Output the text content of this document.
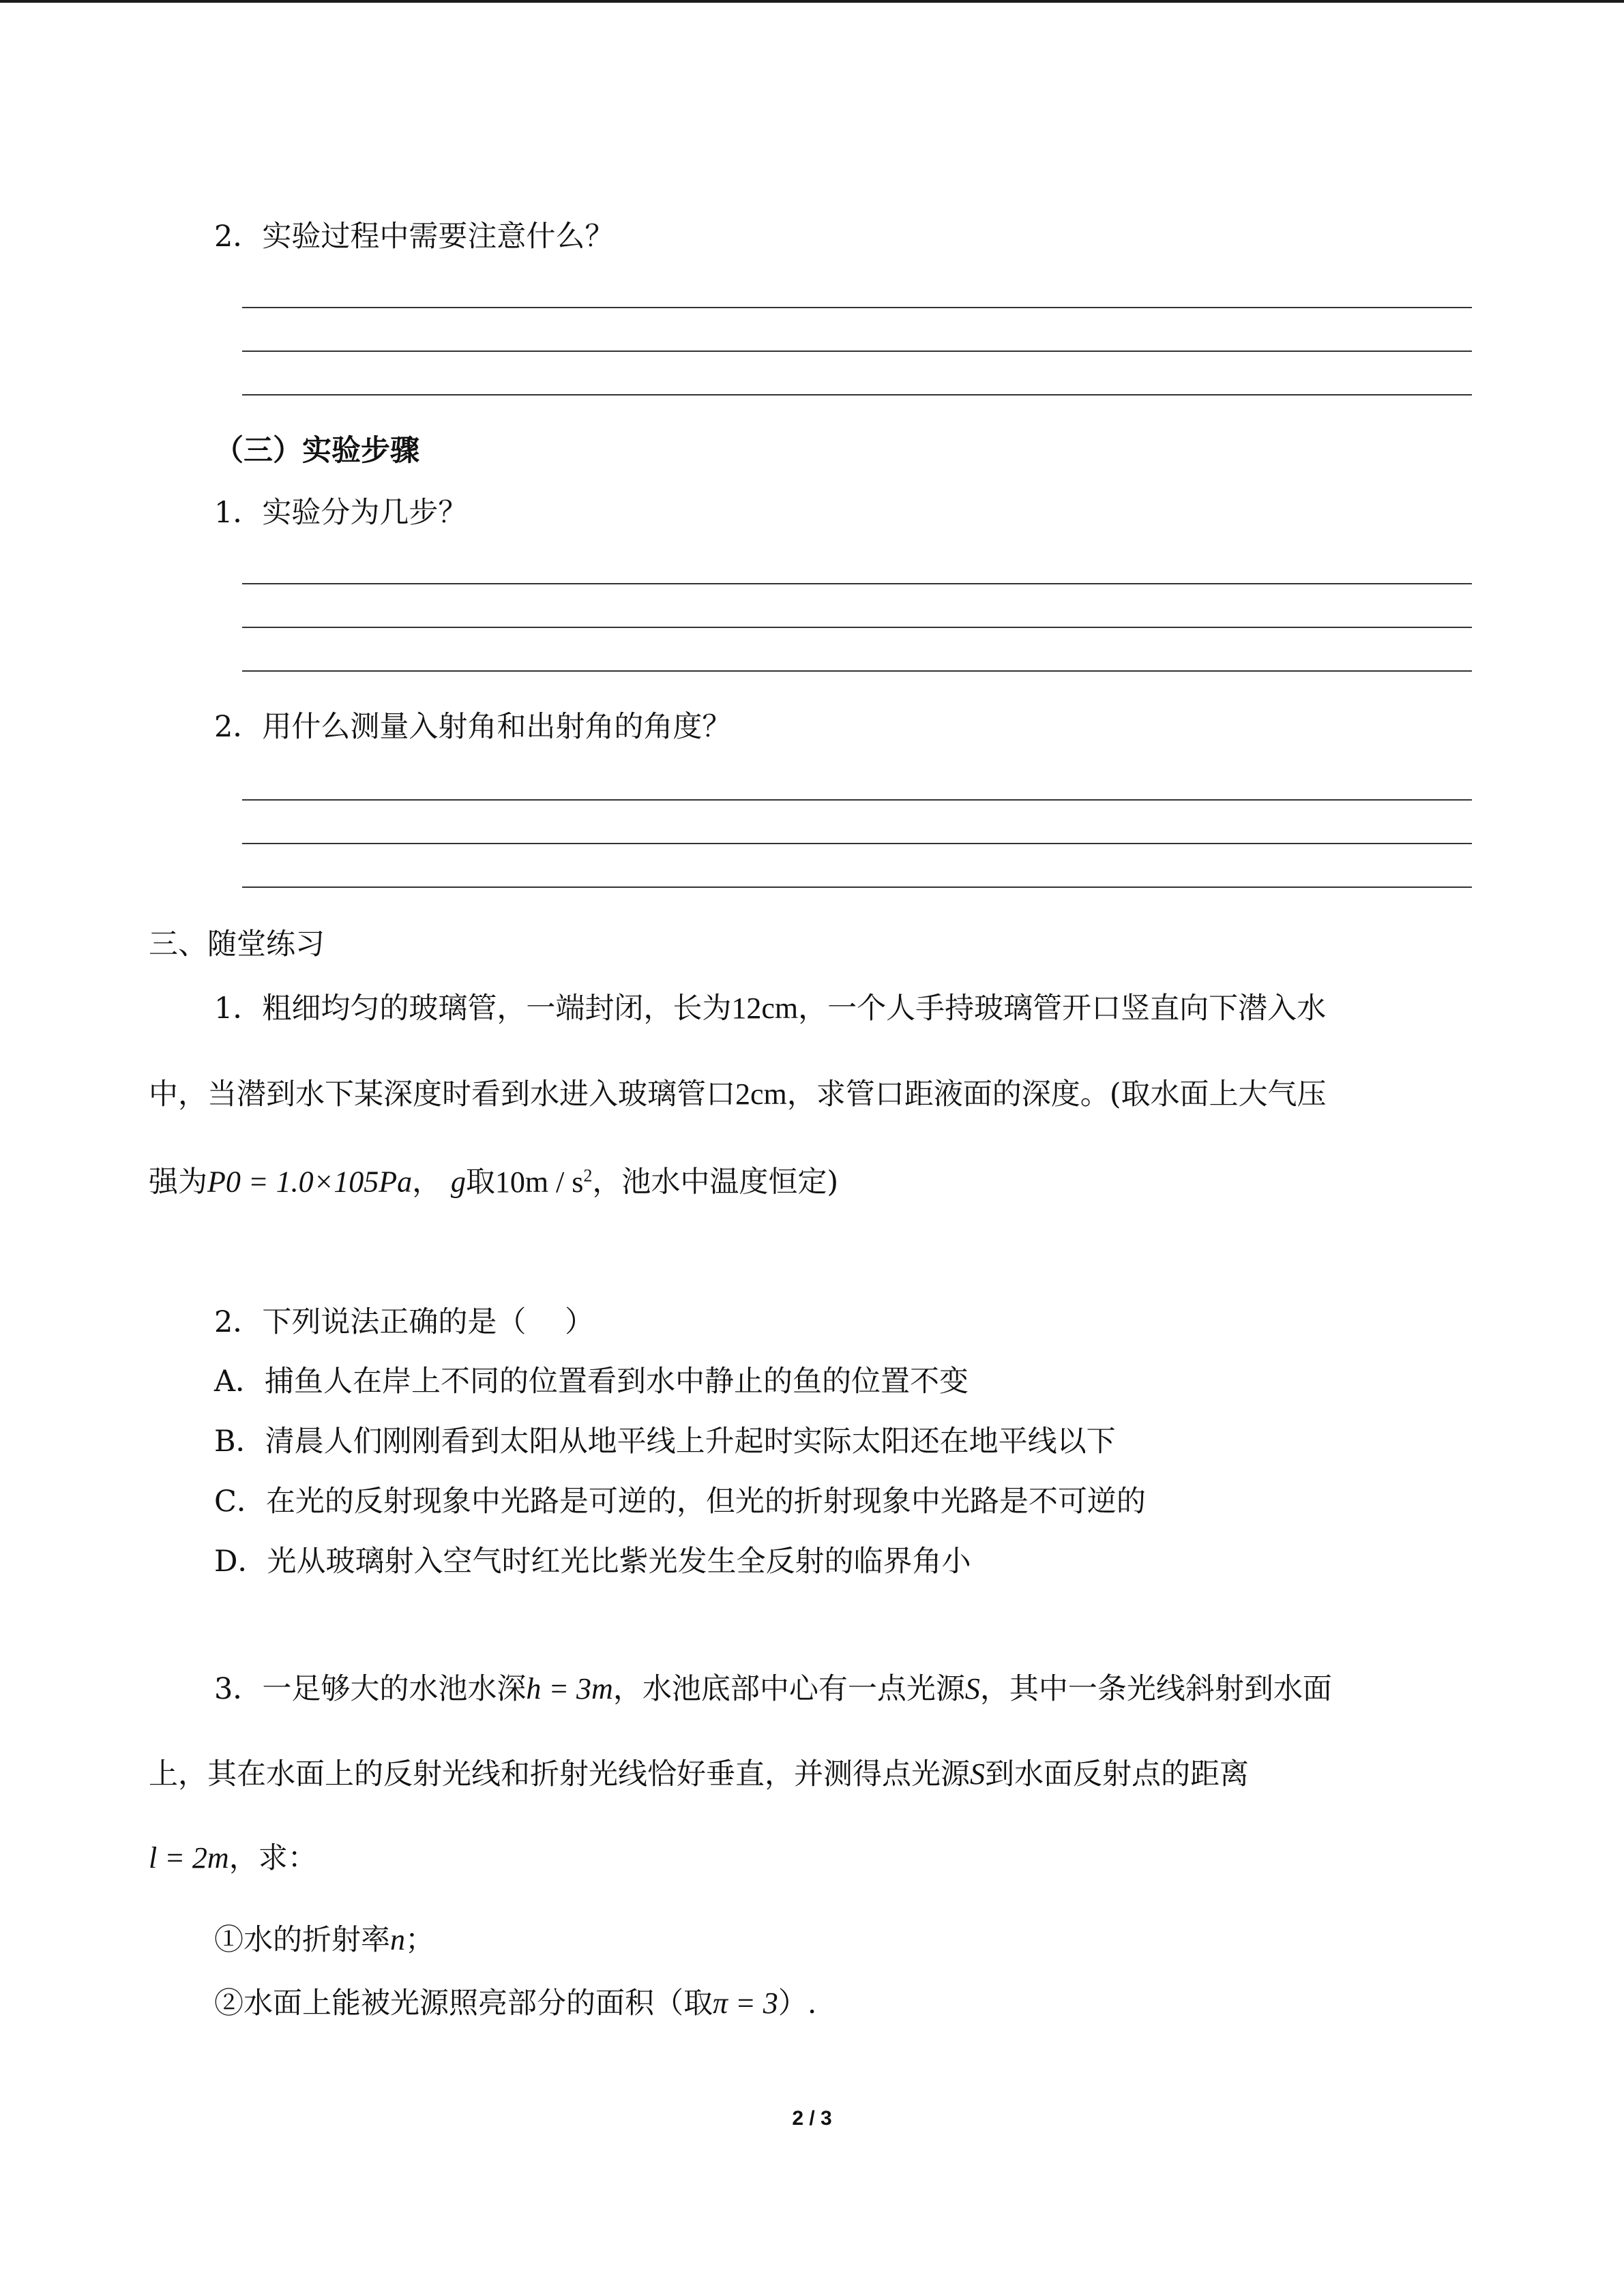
2．实验过程中需要注意什么？
（三）实验步骤
1．实验分为几步？
2．用什么测量入射角和出射角的角度？
三、随堂练习
1．粗细均匀的玻璃管，一端封闭，长为12cm，一个人手持玻璃管开口竖直向下潜入水
中，当潜到水下某深度时看到水进入玻璃管口2cm，求管口距液面的深度。(取水面上大气压
强为P0 = 1.0×105Pa， g取$10m / s^2$，池水中温度恒定)
2．下列说法正确的是（　 ）
A．捕鱼人在岸上不同的位置看到水中静止的鱼的位置不变
B．清晨人们刚刚看到太阳从地平线上升起时实际太阳还在地平线以下
C．在光的反射现象中光路是可逆的，但光的折射现象中光路是不可逆的
D．光从玻璃射入空气时红光比紫光发生全反射的临界角小
3．一足够大的水池水深h = 3m，水池底部中心有一点光源S，其中一条光线斜射到水面
上，其在水面上的反射光线和折射光线恰好垂直，并测得点光源S到水面反射点的距离
l = 2m，求：
①水的折射率n；
②水面上能被光源照亮部分的面积（取π = 3）.
2 / 3
